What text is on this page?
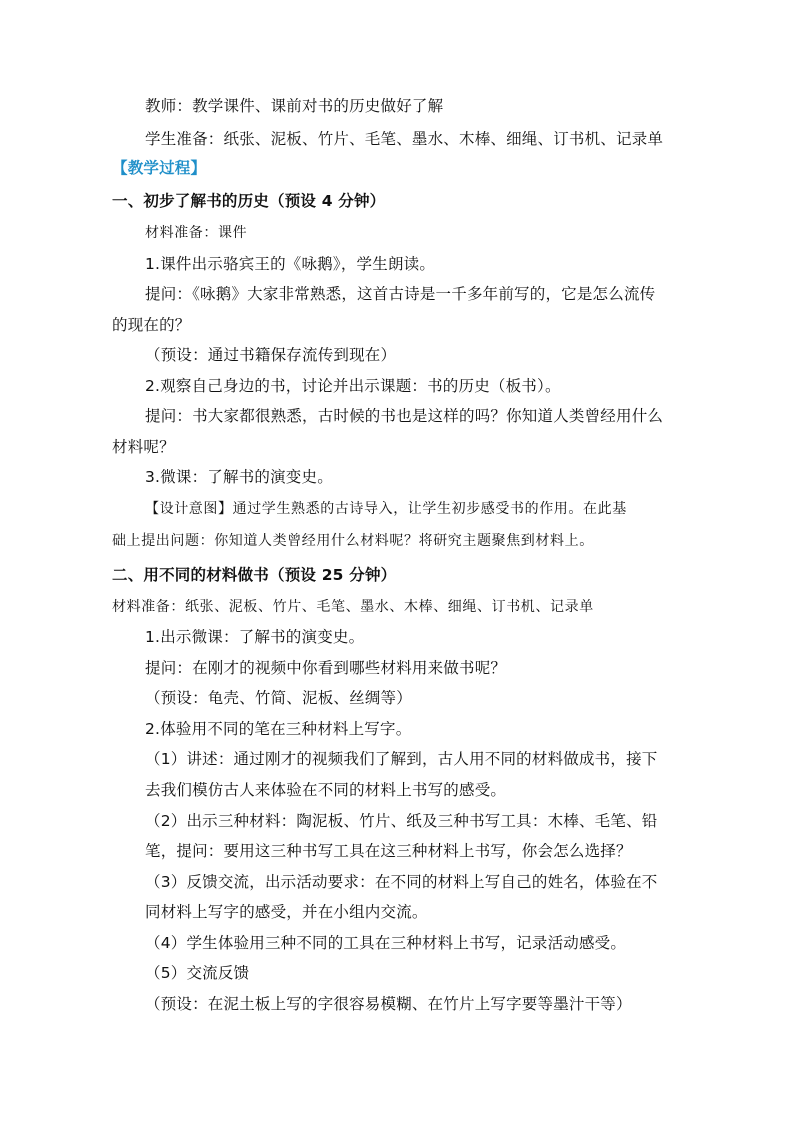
教师：教学课件、课前对书的历史做好了解
学生准备：纸张、泥板、竹片、毛笔、墨水、木棒、细绳、订书机、记录单
【教学过程】
一、初步了解书的历史（预设 4 分钟）
材料准备：课件
1.课件出示骆宾王的《咏鹅》，学生朗读。
提问：《咏鹅》大家非常熟悉，这首古诗是一千多年前写的，它是怎么流传
的现在的？
（预设：通过书籍保存流传到现在）
2.观察自己身边的书，讨论并出示课题：书的历史（板书）。
提问：书大家都很熟悉，古时候的书也是这样的吗？你知道人类曾经用什么
材料呢？
3.微课：了解书的演变史。
【设计意图】通过学生熟悉的古诗导入，让学生初步感受书的作用。在此基
础上提出问题：你知道人类曾经用什么材料呢？将研究主题聚焦到材料上。
二、用不同的材料做书（预设 25 分钟）
材料准备：纸张、泥板、竹片、毛笔、墨水、木棒、细绳、订书机、记录单
1.出示微课：了解书的演变史。
提问：在刚才的视频中你看到哪些材料用来做书呢？
（预设：龟壳、竹简、泥板、丝绸等）
2.体验用不同的笔在三种材料上写字。
（1）讲述：通过刚才的视频我们了解到，古人用不同的材料做成书，接下
去我们模仿古人来体验在不同的材料上书写的感受。
（2）出示三种材料：陶泥板、竹片、纸及三种书写工具：木棒、毛笔、铅
笔，提问：要用这三种书写工具在这三种材料上书写，你会怎么选择？
（3）反馈交流，出示活动要求：在不同的材料上写自己的姓名，体验在不
同材料上写字的感受，并在小组内交流。
（4）学生体验用三种不同的工具在三种材料上书写，记录活动感受。
（5）交流反馈
（预设：在泥土板上写的字很容易模糊、在竹片上写字要等墨汁干等）
